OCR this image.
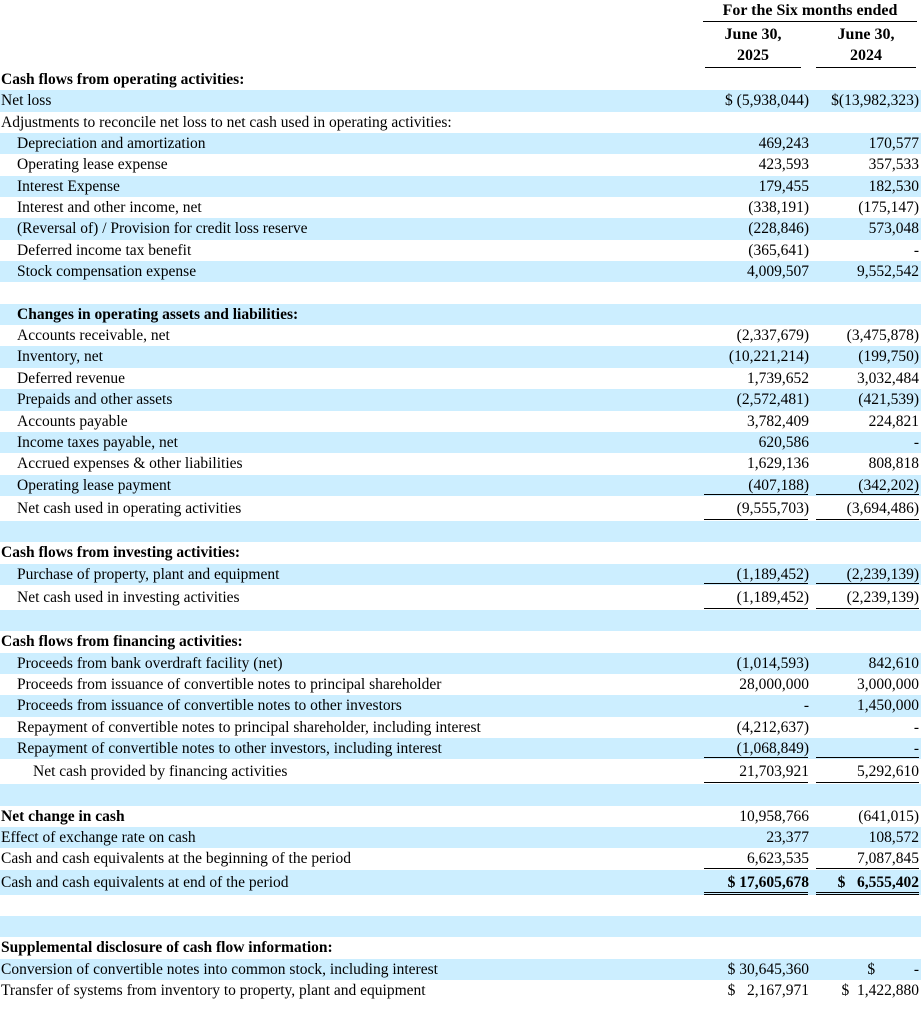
For the Six months ended
June 30,

2025
June 30,

2024
Cash flows from operating activities:
Net loss	$ (5,938,044)	$(13,982,323)
Adjustments to reconcile net loss to net cash used in operating activities:
Depreciation and amortization	469,243	170,577
Operating lease expense	423,593	357,533
Interest Expense	179,455	182,530
Interest and other income, net	(338,191)	(175,147)
(Reversal of) / Provision for credit loss reserve	(228,846)	573,048
Deferred income tax benefit	(365,641)	-
Stock compensation expense	4,009,507	9,552,542
Changes in operating assets and liabilities:
Accounts receivable, net	(2,337,679)	(3,475,878)
Inventory, net	(10,221,214)	(199,750)
Deferred revenue	1,739,652	3,032,484
Prepaids and other assets	(2,572,481)	(421,539)
Accounts payable	3,782,409	224,821
Income taxes payable, net	620,586	-
Accrued expenses & other liabilities	1,629,136	808,818
Operating lease payment	(407,188)	(342,202)
Net cash used in operating activities	(9,555,703)	(3,694,486)
Cash flows from investing activities:
Purchase of property, plant and equipment	(1,189,452)	(2,239,139)
Net cash used in investing activities	(1,189,452)	(2,239,139)
Cash flows from financing activities:
Proceeds from bank overdraft facility (net)	(1,014,593)	842,610
Proceeds from issuance of convertible notes to principal shareholder	28,000,000	3,000,000
Proceeds from issuance of convertible notes to other investors	-	1,450,000
Repayment of convertible notes to principal shareholder, including interest	(4,212,637)	-
Repayment of convertible notes to other investors, including interest	(1,068,849)	-
Net cash provided by financing activities	21,703,921	5,292,610
Net change in cash	10,958,766	(641,015)
Effect of exchange rate on cash	23,377	108,572
Cash and cash equivalents at the beginning of the period	6,623,535	7,087,845
Cash and cash equivalents at end of the period	$ 17,605,678	$   6,555,402
Supplemental disclosure of cash flow information:
Conversion of convertible notes into common stock, including interest	$ 30,645,360	$          -
Transfer of systems from inventory to property, plant and equipment	$   2,167,971	$  1,422,880
